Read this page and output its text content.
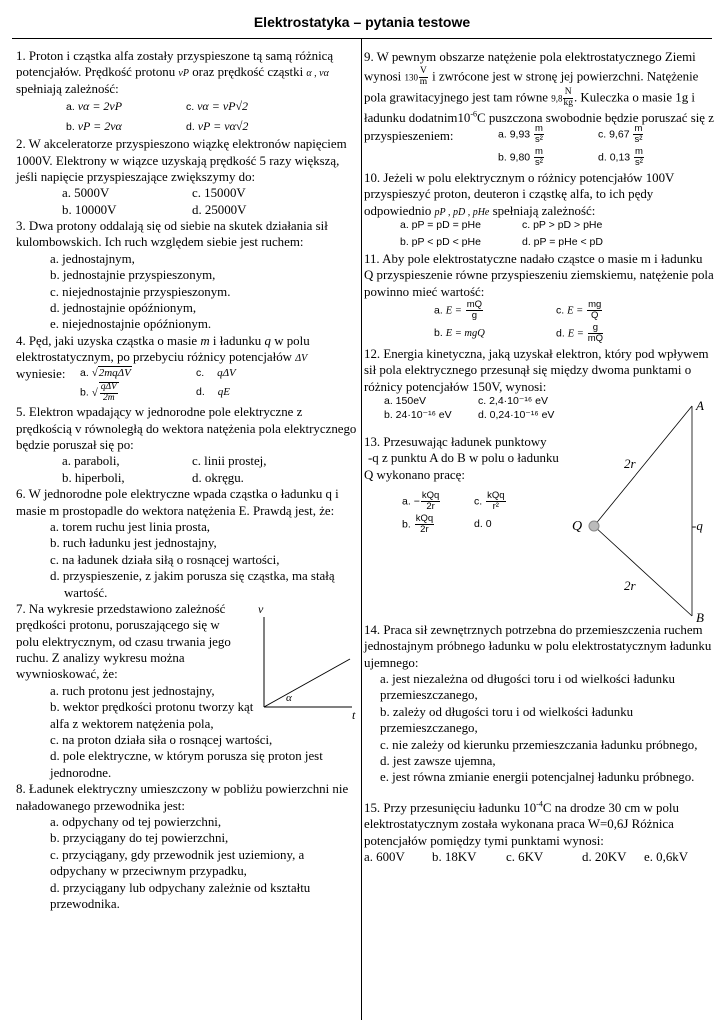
Elektrostatyka – pytania testowe

1. Proton i cząstka alfa zostały przyspieszone tą samą różnicą potencjałów. Prędkość protonu vP oraz prędkość cząstki α , vα spełniają zależność:

a. vα = 2vP	c. vα = vP√2
b. vP = 2vα	d. vP = vα√2

2. W akceleratorze przyspieszono wiązkę elektronów napięciem 1000V. Elektrony w wiązce uzyskają prędkość 5 razy większą, jeśli napięcie przyspieszające zwiększymy do:

a. 5000V	c. 15000V
b. 10000V	d. 25000V

3. Dwa protony oddalają się od siebie na skutek działania sił kulombowskich. Ich ruch względem siebie jest ruchem:

a. jednostajnym,
b. jednostajnie przyspieszonym,
c. niejednostajnie przyspieszonym.
d. jednostajnie opóźnionym,
e. niejednostajnie opóźnionym.

4. Pęd, jaki uzyska cząstka o masie m i ładunku q w polu elektrostatycznym, po przebyciu różnicy potencjałów ΔV

wyniesie:	a. √2mqΔV	c. qΔV
b. √ $\frac{\text{qΔV}}{2m}$	d. qE

5. Elektron wpadający w jednorodne pole elektryczne z prędkością v równoległą do wektora natężenia pola elektrycznego będzie poruszał się po:

a. paraboli,	c. linii prostej,
b. hiperboli,	d. okręgu.

6. W jednorodne pole elektryczne wpada cząstka o ładunku q i masie m prostopadle do wektora natężenia E. Prawdą jest, że:

a. torem ruchu jest linia prosta,
b. ruch ładunku jest jednostajny,
c. na ładunek działa siłą o rosnącej wartości,
d. przyspieszenie, z jakim porusza się cząstka, ma stałą wartość.

7. Na wykresie przedstawiono zależność prędkości protonu, poruszającego się w polu elektrycznym, od czasu trwania jego ruchu. Z analizy wykresu można wywnioskować, że:

v
α
t
a. ruch protonu jest jednostajny,
b. wektor prędkości protonu tworzy kąt alfa z wektorem natężenia pola,
c. na proton działa siła o rosnącej wartości,
d. pole elektryczne, w którym porusza się proton jest jednorodne.

8. Ładunek elektryczny umieszczony w pobliżu powierzchni nie naładowanego przewodnika jest:

a. odpychany od tej powierzchni,
b. przyciągany do tej powierzchni,
c. przyciągany, gdy przewodnik jest uziemiony, a odpychany w przeciwnym przypadku,
d. przyciągany lub odpychany zależnie od kształtu przewodnika.

9. W pewnym obszarze natężenie pola elektrostatycznego Ziemi wynosi $130 \frac{V}{m}$ i zwrócone jest w stronę jej powierzchni. Natężenie pola grawitacyjnego jest tam równe $9,8 \frac{N}{kg}$ . Kuleczka o masie 1g i ładunku $dodatnim10^{-6}C$ puszczona swobodnie będzie poruszać się z przyspieszeniem:	a. $9,93 \frac{m}{\text{s²}}$	c. $9,67 \frac{m}{\text{s²}}$
b. $9,80 \frac{m}{\text{s²}}$	d. $0,13 \frac{m}{\text{s²}}$

10. Jeżeli w polu elektrycznym o różnicy potencjałów 100V przyspieszyć proton, deuteron i cząstkę alfa, to ich pędy odpowiednio pP , pD , pHe spełniają zależność:

a. pP = pD = pHe	c. pP > pD > pHe
b. pP < pD < pHe	d. pP = pHe < pD

11. Aby pole elektrostatyczne nadało cząstce o masie m i ładunku Q przyspieszenie równe przyspieszeniu ziemskiemu, natężenie pola powinno mieć wartość:

a. $E = \frac{mQ}{g}$	c. $E = \frac{mg}{Q}$
b. E = mgQ	d. $E = \frac{g}{mQ}$

12. Energia kinetyczna, jaką uzyskał elektron, który pod wpływem sił pola elektrycznego przesunął się między dwoma punktami o różnicy potencjałów 150V, wynosi:

a. 150eV	c. 2,4·10⁻¹⁶ eV
b. 24·10⁻¹⁶ eV	d. 0,24·10⁻¹⁶ eV

13. Przesuwając ładunek punktowy

-q z punktu A do B w polu o ładunku

Q wykonano pracę:

a. − $\frac{\text{kQq}}{2r}$	c. $\frac{\text{kQq}}{\text{r²}}$
b. $\frac{\text{kQq}}{2r}$	d. 0
A
B
Q
2r
2r
-q

14. Praca sił zewnętrznych potrzebna do przemieszczenia ruchem jednostajnym próbnego ładunku w polu elektrostatycznym ładunku ujemnego:

a. jest niezależna od długości toru i od wielkości ładunku
przemieszczanego,
b. zależy od długości toru i od wielkości ładunku przemieszczanego,
c. nie zależy od kierunku przemieszczania ładunku próbnego,
d. jest zawsze ujemna,
e. jest równa zmianie energii potencjalnej ładunku próbnego.

15. Przy przesunięciu ładunku $10^{-4}C$ na drodze 30 cm w polu elektrostatycznym została wykonana praca W=0,6J Różnica potencjałów pomiędzy tymi punktami wynosi:

a. 600V	b. 18KV	c. 6KV	d. 20KV	e. 0,6kV
